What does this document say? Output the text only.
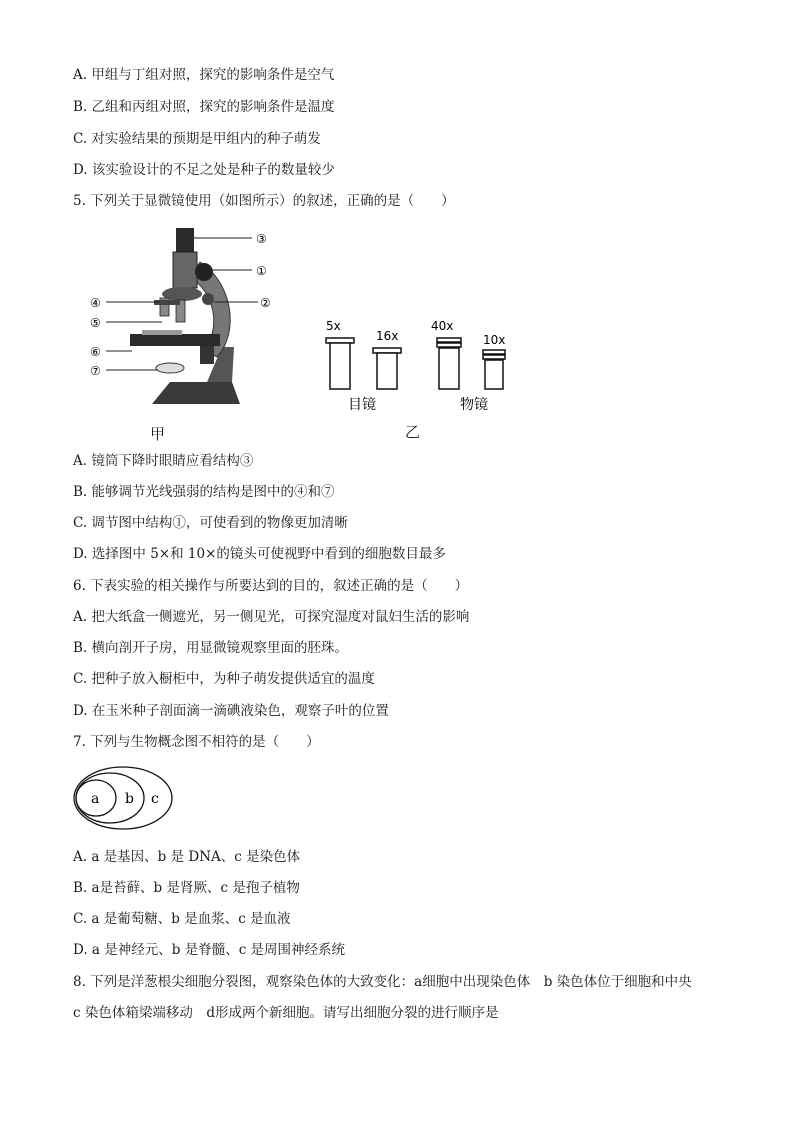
A. 甲组与丁组对照，探究的影响条件是空气
B. 乙组和丙组对照，探究的影响条件是温度
C. 对实验结果的预期是甲组内的种子萌发
D. 该实验设计的不足之处是种子的数量较少
5. 下列关于显微镜使用（如图所示）的叙述，正确的是（　　）
③
①
②
④
⑤
⑥
⑦
甲
5x
16x
40x
10x
目镜	物镜
乙
A. 镜筒下降时眼睛应看结构③
B. 能够调节光线强弱的结构是图中的④和⑦
C. 调节图中结构①，可使看到的物像更加清晰
D. 选择图中 5×和 10×的镜头可使视野中看到的细胞数目最多
6. 下表实验的相关操作与所要达到的目的，叙述正确的是（　　）
A. 把大纸盒一侧遮光，另一侧见光，可探究湿度对鼠妇生活的影响
B. 横向剖开子房，用显微镜观察里面的胚珠。
C. 把种子放入橱柜中，为种子萌发提供适宜的温度
D. 在玉米种子剖面滴一滴碘液染色，观察子叶的位置
7. 下列与生物概念图不相符的是（　　）
a b c
A. a 是基因、b 是 DNA、c 是染色体
B. a是苔藓、b 是肾厥、c 是孢子植物
C. a 是葡萄糖、b 是血浆、c 是血液
D. a 是神经元、b 是脊髓、c 是周围神经系统
8. 下列是洋葱根尖细胞分裂图，观察染色体的大致变化：a细胞中出现染色体　b 染色体位于细胞和中央
c 染色体箱梁端移动　d形成两个新细胞。请写出细胞分裂的进行顺序是
